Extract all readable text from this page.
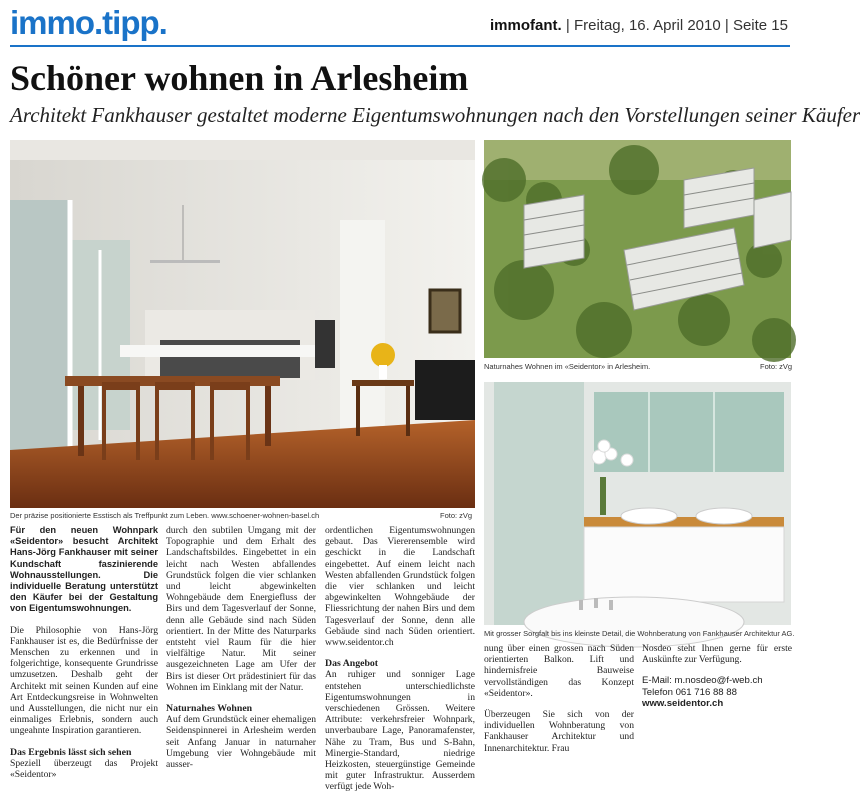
immo.tipp.	immofant. | Freitag, 16. April 2010 | Seite 15
Schöner wohnen in Arlesheim
Architekt Fankhauser gestaltet moderne Eigentumswohnungen nach den Vorstellungen seiner Käufer
Der präzise positionierte Esstisch als Treffpunkt zum Leben. www.schoener-wohnen-basel.ch	Foto: zVg
Naturnahes Wohnen im «Seidentor» in Arlesheim.	Foto: zVg
Mit grosser Sorgfalt bis ins kleinste Detail, die Wohnberatung von Fankhauser Architektur AG.

Für den neuen Wohnpark «Seidentor» besucht Architekt Hans-Jörg Fankhauser mit seiner Kundschaft faszinierende Wohnausstellungen. Die individuelle Beratung unterstützt den Käufer bei der Gestaltung von Eigentumswohnungen.

Die Philosophie von Hans-Jörg Fankhauser ist es, die Bedürfnisse der Menschen zu erkennen und in folgerichtige, konsequente Grundrisse umzusetzen. Deshalb geht der Architekt mit seinen Kunden auf eine Art Entdeckungsreise in Wohnwelten und Ausstellungen, die nicht nur ein einmaliges Erlebnis, sondern auch ungeahnte Inspiration garantieren.

Das Ergebnis lässt sich sehen

Speziell überzeugt das Projekt «Seidentor»

durch den subtilen Umgang mit der Topographie und dem Erhalt des Landschaftsbildes. Eingebettet in ein leicht nach Westen abfallendes Grundstück folgen die vier schlanken und leicht abgewinkelten Wohngebäude dem Energiefluss der Birs und dem Tagesverlauf der Sonne, denn alle Gebäude sind nach Süden orientiert. In der Mitte des Naturparks entsteht viel Raum für die hier vielfältige Natur. Mit seiner ausgezeichneten Lage am Ufer der Birs ist dieser Ort prädestiniert für das Wohnen im Einklang mit der Natur.

Naturnahes Wohnen

Auf dem Grundstück einer ehemaligen Seidenspinnerei in Arlesheim werden seit Anfang Januar in naturnaher Umgebung vier Wohngebäude mit ausser-

ordentlichen Eigentumswohnungen gebaut. Das Viererensemble wird geschickt in die Landschaft eingebettet. Auf einem leicht nach Westen abfallenden Grundstück folgen die vier schlanken und leicht abgewinkelten Wohngebäude der Fliessrichtung der nahen Birs und dem Tagesverlauf der Sonne, denn alle Gebäude sind nach Süden orientiert. www.seidentor.ch

Das Angebot

An ruhiger und sonniger Lage entstehen unterschiedlichste Eigentumswohnungen in verschiedenen Grössen. Weitere Attribute: verkehrsfreier Wohnpark, unverbaubare Lage, Panoramafenster, Nähe zu Tram, Bus und S-Bahn, Minergie-Standard, niedrige Heizkosten, steuergünstige Gemeinde mit guter Infrastruktur. Ausserdem verfügt jede Woh-

nung über einen grossen nach Süden orientierten Balkon. Lift und hindernisfreie Bauweise vervollständigen das Konzept «Seidentor».

Überzeugen Sie sich von der individuellen Wohnberatung von Fankhauser Architektur und Innenarchitektur. Frau

Nosdeo steht Ihnen gerne für erste Auskünfte zur Verfügung.

E-Mail: m.nosdeo@f-web.ch
Telefon 061 716 88 88
www.seidentor.ch
